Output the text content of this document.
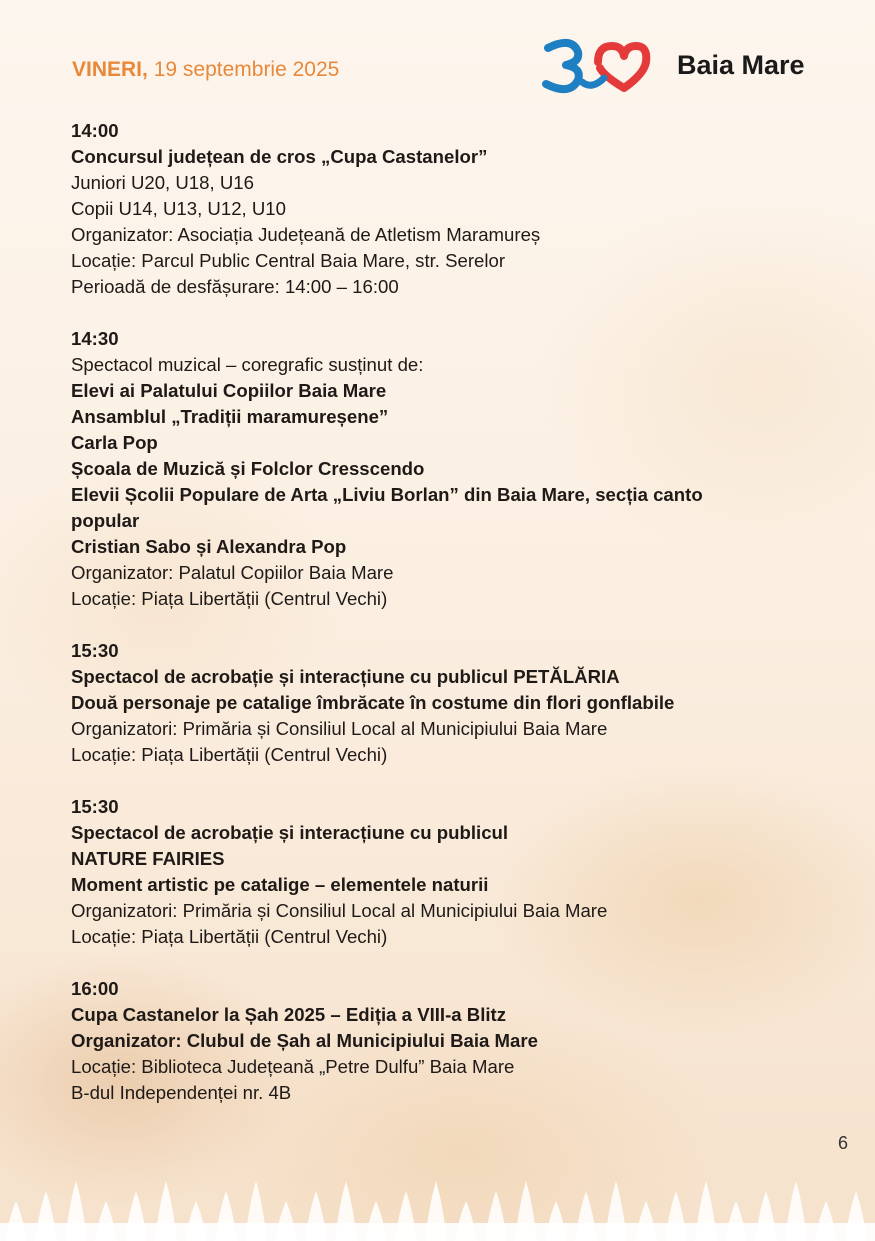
VINERI, 19 septembrie 2025	Baia Mare
14:00
Concursul județean de cros „Cupa Castanelor”
Juniori U20, U18, U16
Copii U14, U13, U12, U10
Organizator: Asociația Județeană de Atletism Maramureș
Locație: Parcul Public Central Baia Mare, str. Serelor
Perioadă de desfășurare: 14:00 – 16:00
14:30
Spectacol muzical – coregrafic susținut de:
Elevi ai Palatului Copiilor Baia Mare
Ansamblul „Tradiții maramureșene”
Carla Pop
Școala de Muzică și Folclor Cresscendo
Elevii Școlii Populare de Arta „Liviu Borlan” din Baia Mare, secția canto
popular
Cristian Sabo și Alexandra Pop
Organizator: Palatul Copiilor Baia Mare
Locație: Piața Libertății (Centrul Vechi)
15:30
Spectacol de acrobație și interacțiune cu publicul PETĂLĂRIA
Două personaje pe catalige îmbrăcate în costume din flori gonflabile
Organizatori: Primăria și Consiliul Local al Municipiului Baia Mare
Locație: Piața Libertății (Centrul Vechi)
15:30
Spectacol de acrobație și interacțiune cu publicul
NATURE FAIRIES
Moment artistic pe catalige – elementele naturii
Organizatori: Primăria și Consiliul Local al Municipiului Baia Mare
Locație: Piața Libertății (Centrul Vechi)
16:00
Cupa Castanelor la Șah 2025 – Ediția a VIII-a Blitz
Organizator: Clubul de Șah al Municipiului Baia Mare
Locație: Biblioteca Județeană „Petre Dulfu” Baia Mare
B-dul Independenței nr. 4B
6
